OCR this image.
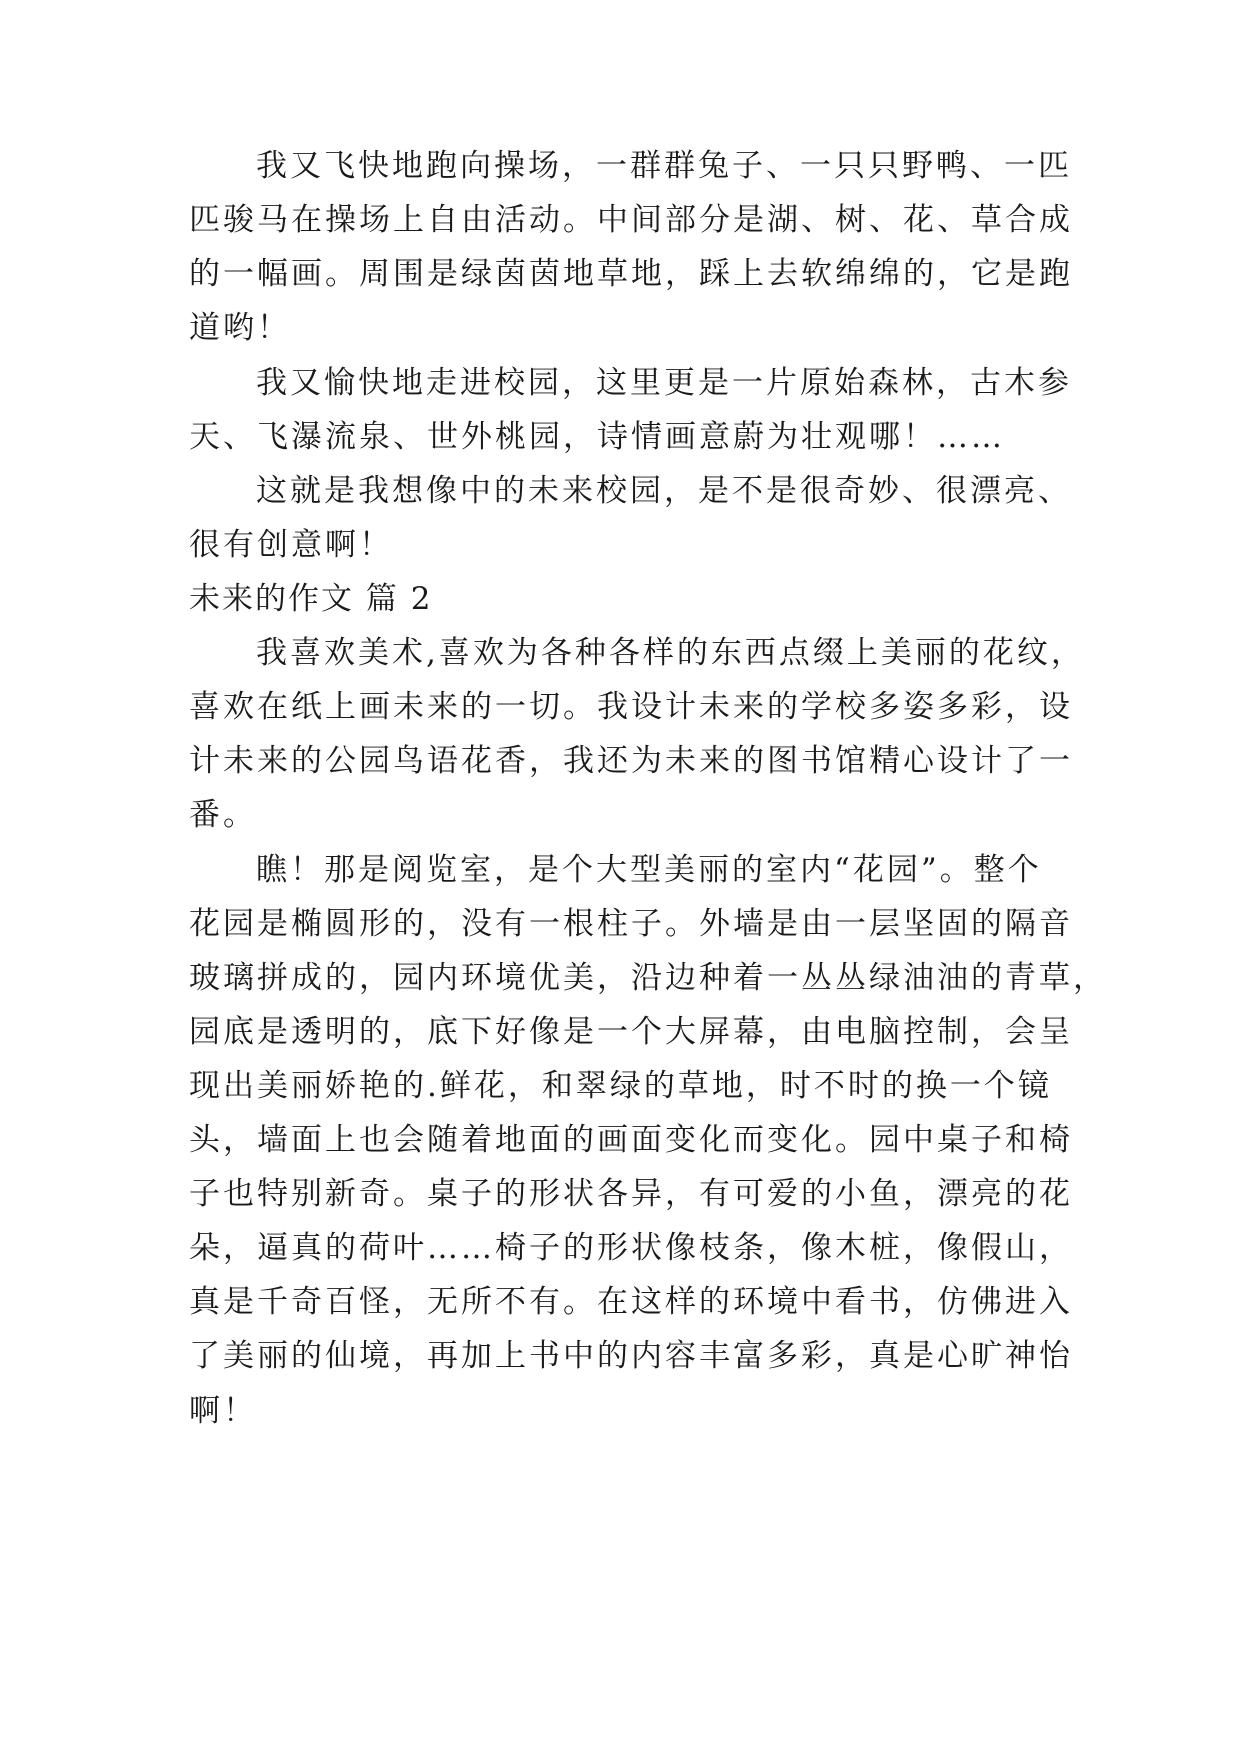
我又飞快地跑向操场，一群群兔子、一只只野鸭、一匹
匹骏马在操场上自由活动。中间部分是湖、树、花、草合成
的一幅画。周围是绿茵茵地草地，踩上去软绵绵的，它是跑
道哟！
我又愉快地走进校园，这里更是一片原始森林，古木参
天、飞瀑流泉、世外桃园，诗情画意蔚为壮观哪！……
这就是我想像中的未来校园，是不是很奇妙、很漂亮、
很有创意啊！
未来的作文 篇 2
我喜欢美术,喜欢为各种各样的东西点缀上美丽的花纹，
喜欢在纸上画未来的一切。我设计未来的学校多姿多彩，设
计未来的公园鸟语花香，我还为未来的图书馆精心设计了一
番。
瞧！那是阅览室，是个大型美丽的室内“花园”。整个
花园是椭圆形的，没有一根柱子。外墙是由一层坚固的隔音
玻璃拼成的，园内环境优美，沿边种着一丛丛绿油油的青草，
园底是透明的，底下好像是一个大屏幕，由电脑控制，会呈
现出美丽娇艳的.鲜花，和翠绿的草地，时不时的换一个镜
头，墙面上也会随着地面的画面变化而变化。园中桌子和椅
子也特别新奇。桌子的形状各异，有可爱的小鱼，漂亮的花
朵，逼真的荷叶……椅子的形状像枝条，像木桩，像假山，
真是千奇百怪，无所不有。在这样的环境中看书，仿佛进入
了美丽的仙境，再加上书中的内容丰富多彩，真是心旷神怡
啊！
